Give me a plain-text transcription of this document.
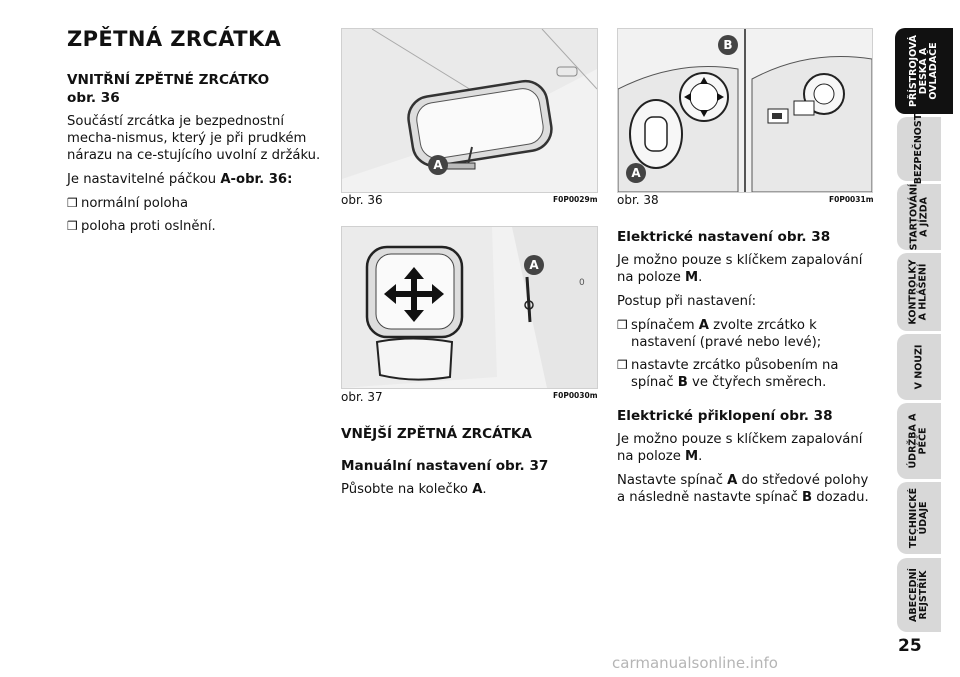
ZPĚTNÁ ZRCÁTKA

VNITŘNÍ ZPĚTNÉ ZRCÁTKO
obr. 36

Součástí zrcátka je bezpednostní mecha-nismus, který je při prudkém nárazu na ce-stujícího uvolní z držáku.

Je nastavitelné páčkou A-obr. 36:

❒ normální poloha
❒ poloha proti oslnění.
A
obr. 36	F0P0029m
0
A
obr. 37	F0P0030m

VNĚJŠÍ ZPĚTNÁ ZRCÁTKA

Manuální nastavení obr. 37

Působte na kolečko A.

B
A
obr. 38	F0P0031m

Elektrické nastavení obr. 38

Je možno pouze s klíčkem zapalování na poloze M.

Postup při nastavení:

❒ spínačem A zvolte zrcátko k nastavení (pravé nebo levé);
❒ nastavte zrcátko působením na spínač B ve čtyřech směrech.

Elektrické přiklopení obr. 38

Je možno pouze s klíčkem zapalování na poloze M.

Nastavte spínač A do středové polohy a následně nastavte spínač B dozadu.

PŘÍSTROJOVÁ
DESKA A
OVLADAČE
BEZPEČNOST
STARTOVÁNÍ
A JÍZDA
KONTROLKY
A HLÁŠENÍ
V NOUZI
ÚDRŽBA A
PÉČE
TECHNICKÉ
ÚDAJE
ABECEDNÍ
REJSTŘÍK
25
carmanualsonline.info
